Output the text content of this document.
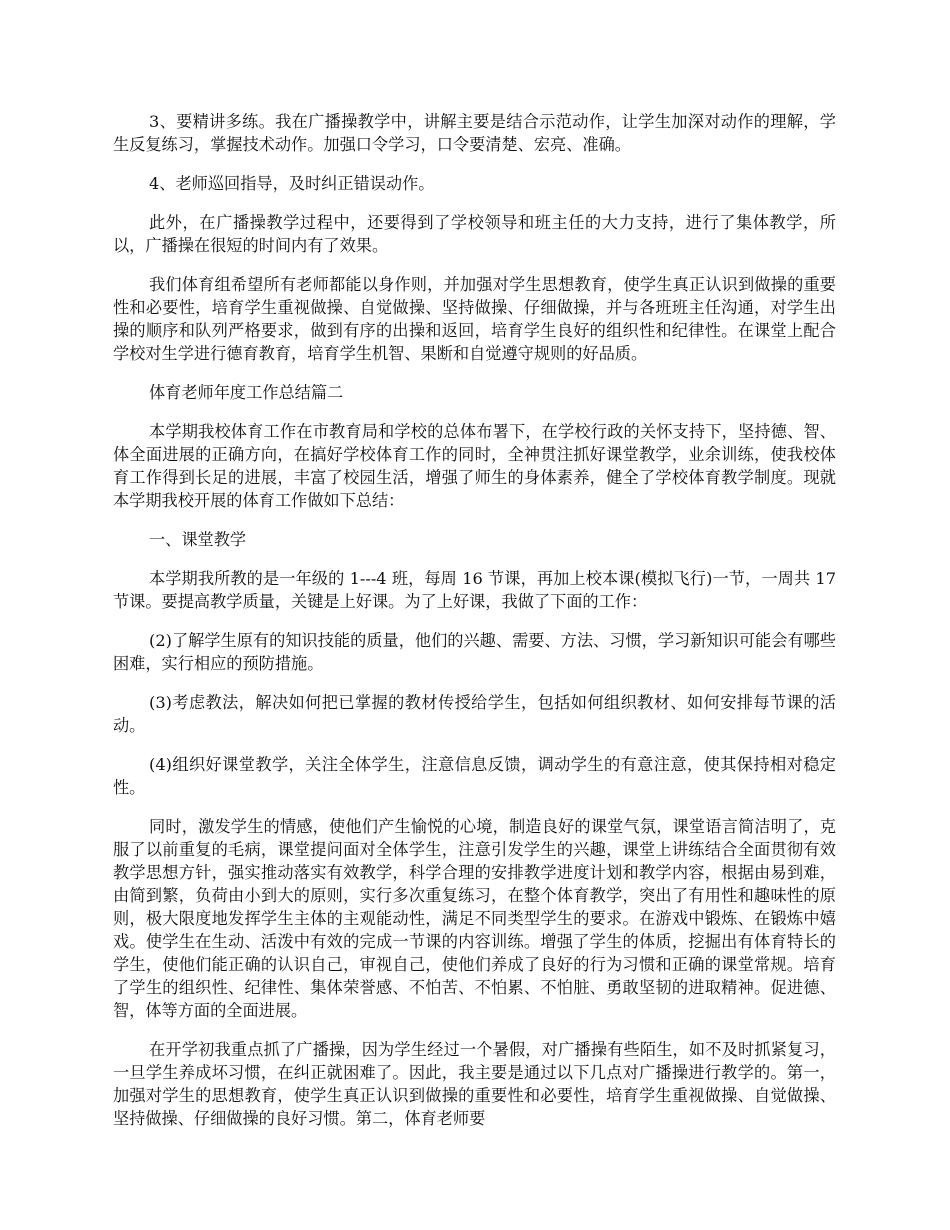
3、要精讲多练。我在广播操教学中，讲解主要是结合示范动作，让学生加深对动作的理解，学生反复练习，掌握技术动作。加强口令学习，口令要清楚、宏亮、准确。

4、老师巡回指导，及时纠正错误动作。

此外，在广播操教学过程中，还要得到了学校领导和班主任的大力支持，进行了集体教学，所以，广播操在很短的时间内有了效果。

我们体育组希望所有老师都能以身作则，并加强对学生思想教育，使学生真正认识到做操的重要性和必要性，培育学生重视做操、自觉做操、坚持做操、仔细做操，并与各班班主任沟通，对学生出操的顺序和队列严格要求，做到有序的出操和返回，培育学生良好的组织性和纪律性。在课堂上配合学校对生学进行德育教育，培育学生机智、果断和自觉遵守规则的好品质。

体育老师年度工作总结篇二

本学期我校体育工作在市教育局和学校的总体布署下，在学校行政的关怀支持下，坚持德、智、体全面进展的正确方向，在搞好学校体育工作的同时，全神贯注抓好课堂教学，业余训练，使我校体育工作得到长足的进展，丰富了校园生活，增强了师生的身体素养，健全了学校体育教学制度。现就本学期我校开展的体育工作做如下总结：

一、课堂教学

本学期我所教的是一年级的 1---4 班，每周 16 节课，再加上校本课(模拟飞行)一节，一周共 17 节课。要提高教学质量，关键是上好课。为了上好课，我做了下面的工作：

(2)了解学生原有的知识技能的质量，他们的兴趣、需要、方法、习惯，学习新知识可能会有哪些困难，实行相应的预防措施。

(3)考虑教法，解决如何把已掌握的教材传授给学生，包括如何组织教材、如何安排每节课的活动。

(4)组织好课堂教学，关注全体学生，注意信息反馈，调动学生的有意注意，使其保持相对稳定性。

同时，激发学生的情感，使他们产生愉悦的心境，制造良好的课堂气氛，课堂语言简洁明了，克服了以前重复的毛病，课堂提问面对全体学生，注意引发学生的兴趣，课堂上讲练结合全面贯彻有效教学思想方针，强实推动落实有效教学，科学合理的安排教学进度计划和教学内容，根据由易到难，由简到繁，负荷由小到大的原则，实行多次重复练习，在整个体育教学，突出了有用性和趣味性的原则，极大限度地发挥学生主体的主观能动性，满足不同类型学生的要求。在游戏中锻炼、在锻炼中嬉戏。使学生在生动、活泼中有效的完成一节课的内容训练。增强了学生的体质，挖掘出有体育特长的学生，使他们能正确的认识自己，审视自己，使他们养成了良好的行为习惯和正确的课堂常规。培育了学生的组织性、纪律性、集体荣誉感、不怕苦、不怕累、不怕脏、勇敢坚韧的进取精神。促进德、智，体等方面的全面进展。

在开学初我重点抓了广播操，因为学生经过一个暑假，对广播操有些陌生，如不及时抓紧复习，一旦学生养成坏习惯，在纠正就困难了。因此，我主要是通过以下几点对广播操进行教学的。第一，加强对学生的思想教育，使学生真正认识到做操的重要性和必要性，培育学生重视做操、自觉做操、坚持做操、仔细做操的良好习惯。第二，体育老师要
